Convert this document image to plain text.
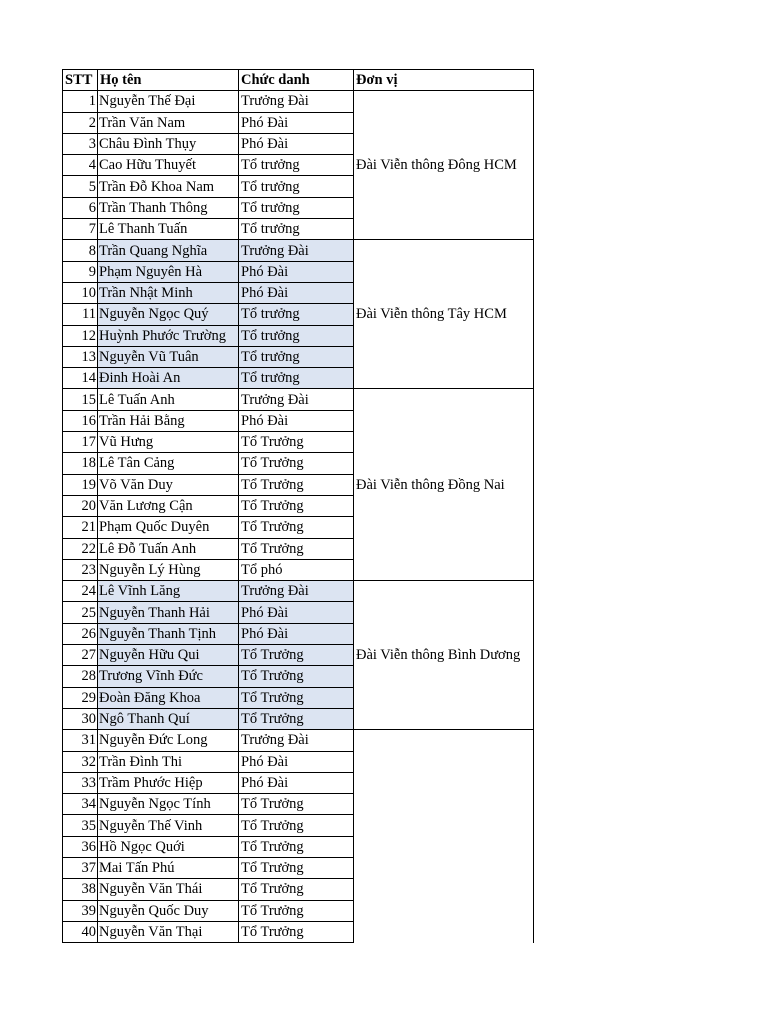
STT	Họ tên	Chức danh	Đơn vị
1	Nguyễn Thế Đại	Trưởng Đài	Đài Viễn thông Đông HCM
2	Trần Văn Nam	Phó Đài	
3	Châu Đình Thụy	Phó Đài	
4	Cao Hữu Thuyết	Tổ trưởng	
5	Trần Đỗ Khoa Nam	Tổ trưởng	
6	Trần Thanh Thông	Tổ trưởng	
7	Lê Thanh Tuấn	Tổ trưởng	
8	Trần Quang Nghĩa	Trưởng Đài	Đài Viễn thông Tây HCM
9	Phạm Nguyên Hà	Phó Đài	
10	Trần Nhật Minh	Phó Đài	
11	Nguyễn Ngọc Quý	Tổ trưởng	
12	Huỳnh Phước Trường	Tổ trưởng	
13	Nguyễn Vũ Tuân	Tổ trưởng	
14	Đinh Hoài An	Tổ trưởng	
15	Lê Tuấn Anh	Trưởng Đài	Đài Viễn thông Đồng Nai
16	Trần Hải Bằng	Phó Đài	
17	Vũ Hưng	Tổ Trưởng	
18	Lê Tân Cảng	Tổ Trưởng	
19	Võ Văn Duy	Tổ Trưởng	
20	Văn Lương Cận	Tổ Trưởng	
21	Phạm Quốc Duyên	Tổ Trưởng	
22	Lê Đỗ Tuấn Anh	Tổ Trưởng	
23	Nguyễn Lý Hùng	Tổ phó	
24	Lê Vĩnh Lăng	Trưởng Đài	Đài Viễn thông Bình Dương
25	Nguyễn Thanh Hải	Phó Đài	
26	Nguyễn Thanh Tịnh	Phó Đài	
27	Nguyễn Hữu Qui	Tổ Trưởng	
28	Trương Vĩnh Đức	Tổ Trưởng	
29	Đoàn Đăng Khoa	Tổ Trưởng	
30	Ngô Thanh Quí	Tổ Trưởng	
31	Nguyễn Đức Long	Trưởng Đài	
32	Trần Đình Thi	Phó Đài	
33	Trầm Phước Hiệp	Phó Đài	
34	Nguyễn Ngọc Tính	Tổ Trưởng	
35	Nguyễn Thế Vinh	Tổ Trưởng	
36	Hồ Ngọc Quới	Tổ Trưởng	
37	Mai Tấn Phú	Tổ Trưởng	
38	Nguyễn Văn Thái	Tổ Trưởng	
39	Nguyễn Quốc Duy	Tổ Trưởng	
40	Nguyễn Văn Thại	Tổ Trưởng	
